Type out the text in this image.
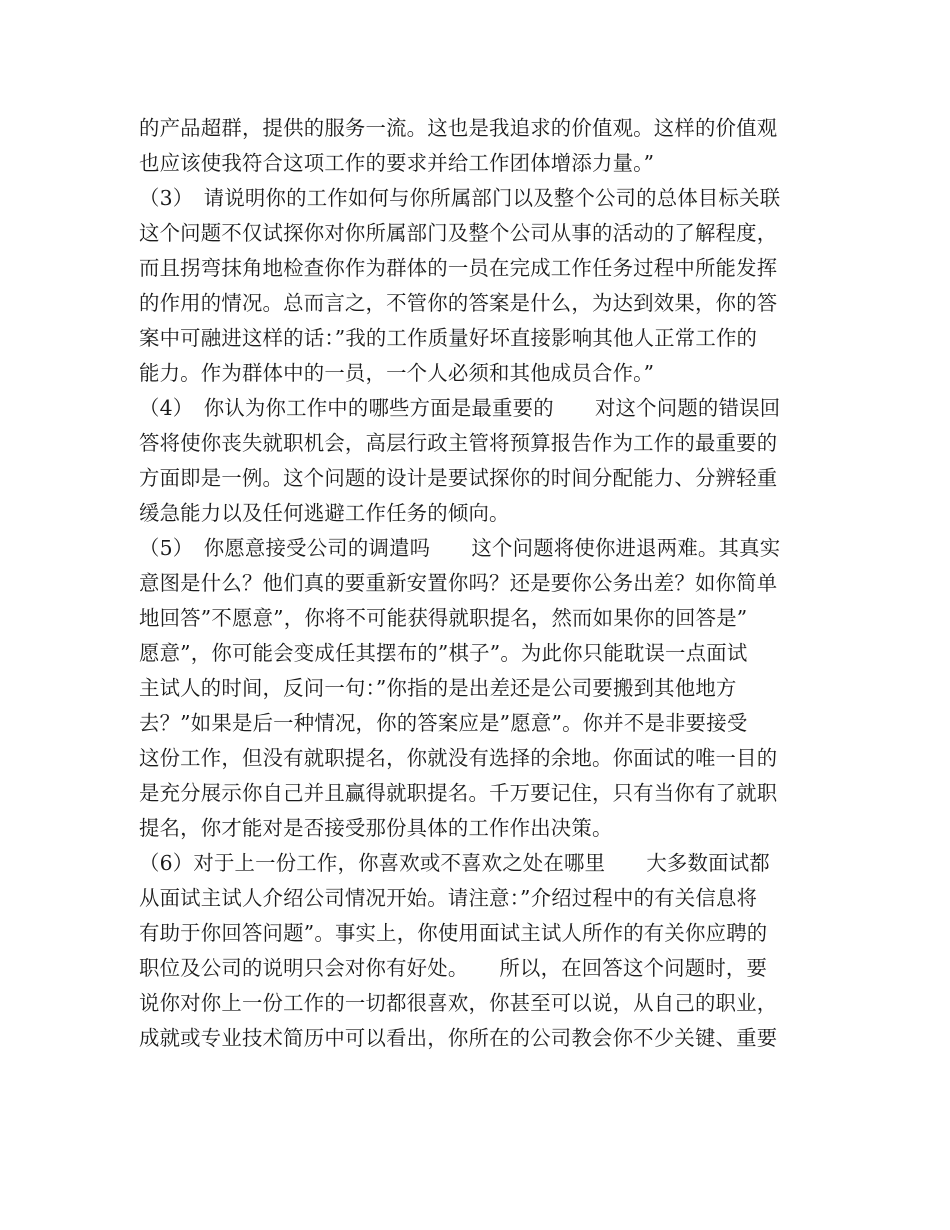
的产品超群，提供的服务一流。这也是我追求的价值观。这样的价值观
也应该使我符合这项工作的要求并给工作团体增添力量。”
（3）　请说明你的工作如何与你所属部门以及整个公司的总体目标关联
这个问题不仅试探你对你所属部门及整个公司从事的活动的了解程度，
而且拐弯抹角地检查你作为群体的一员在完成工作任务过程中所能发挥
的作用的情况。总而言之，不管你的答案是什么，为达到效果，你的答
案中可融进这样的话：”我的工作质量好坏直接影响其他人正常工作的
能力。作为群体中的一员，一个人必须和其他成员合作。”
（4）　你认为你工作中的哪些方面是最重要的　　对这个问题的错误回
答将使你丧失就职机会，高层行政主管将预算报告作为工作的最重要的
方面即是一例。这个问题的设计是要试探你的时间分配能力、分辨轻重
缓急能力以及任何逃避工作任务的倾向。
（5）　你愿意接受公司的调遣吗　　这个问题将使你进退两难。其真实
意图是什么？他们真的要重新安置你吗？还是要你公务出差？如你简单
地回答”不愿意”，你将不可能获得就职提名，然而如果你的回答是”
愿意”，你可能会变成任其摆布的”棋子”。为此你只能耽误一点面试
主试人的时间，反问一句：”你指的是出差还是公司要搬到其他地方
去？”如果是后一种情况，你的答案应是”愿意”。你并不是非要接受
这份工作，但没有就职提名，你就没有选择的余地。你面试的唯一目的
是充分展示你自己并且赢得就职提名。千万要记住，只有当你有了就职
提名，你才能对是否接受那份具体的工作作出决策。
（6）对于上一份工作，你喜欢或不喜欢之处在哪里　　大多数面试都
从面试主试人介绍公司情况开始。请注意：”介绍过程中的有关信息将
有助于你回答问题”。事实上，你使用面试主试人所作的有关你应聘的
职位及公司的说明只会对你有好处。　　所以，在回答这个问题时，要
说你对你上一份工作的一切都很喜欢，你甚至可以说，从自己的职业，
成就或专业技术简历中可以看出，你所在的公司教会你不少关键、重要
